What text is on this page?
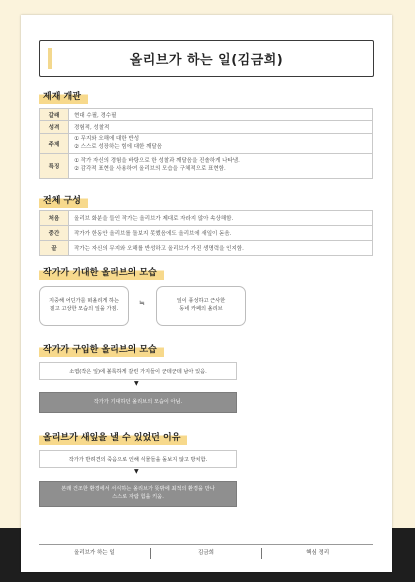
올리브가 하는 일(김금희)
제재 개관
갈래	현대 수필, 경수필
성격	경험적, 성찰적
주제	① 무지와 오해에 대한 반성
② 스스로 성장하는 힘에 대한 깨달음

특징	① 작가 자신의 경험을 바탕으로 한 성찰과 깨달음을 진솔하게 나타냄.
② 감각적 표현을 사용하여 올리브의 모습을 구체적으로 표현함.
전체 구성
처음	올리브 화분을 들인 작가는 올리브가 제대로 자라지 않아 속상해함.
중간	작가가 한동안 올리브를 돌보지 못했음에도 올리브에 새잎이 돋음.
끝	작가는 자신의 무지와 오해를 반성하고 올리브가 가진 생명력을 인지함.
작가가 기대한 올리브의 모습
지중해 어딘가를 떠올리게 하는
짙고 고상한 모습의 잎을 가짐.
≒	잎이 풍성하고 근사한
동네 카페의 올리브
작가가 구입한 올리브의 모습
소엽(작은 잎)에 볼록하게 갈린 가지들이 군데군데 남아 있음.
▼
작가가 기대하던 올리브의 모습이 아님.
올리브가 새잎을 낼 수 있었던 이유
작가가 반려견의 죽음으로 인해 식물들을 돌보지 않고 방치함.
▼
본래 건조한 환경에서 서식하는 올리브가 뜻밖에 최적의 환경을 만나
스스로 자람 힘을 키움.
올리브가 하는 일	김금희	핵심 정리
